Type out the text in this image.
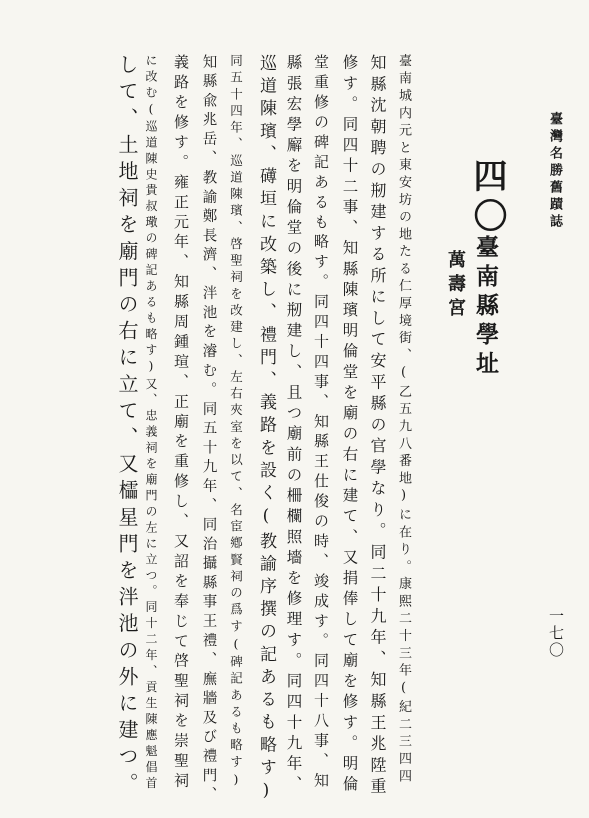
臺灣名勝舊蹟誌
一七〇
四〇
臺南縣學址
萬壽宮
臺南城内元と東安坊の地たる仁厚境街、(乙五九八番地)に在り。康熙二十三年(紀二三四四
知縣沈朝聘の剏建する所にして安平縣の官學なり。同二十九年、知縣王兆陞重
修す。同四十二事、知縣陳璸明倫堂を廟の右に建て、又捐俸して廟を修す。明倫
堂重修の碑記あるも略す。同四十四事、知縣王仕俊の時、竣成す。同四十八事、知
縣張宏學廨を明倫堂の後に剏建し、且つ廟前の柵欄照墻を修理す。同四十九年、
巡道陳璸、礡垣に改築し、禮門、義路を設く(教諭序撰の記あるも略す)
同五十四年、巡道陳璸、啓聖祠を改建し、左右夾室を以て、名宦鄕賢祠の爲す(碑記あるも略す)
知縣兪兆岳、教諭鄭長濟、泮池を濬む。同五十九年、同治攝縣事王禮、廡牆及び禮門、
義路を修す。雍正元年、知縣周鍾瑄、正廟を重修し、又詔を奉じて啓聖祠を崇聖祠
に改む(巡道陳史貴叔璥の碑記あるも略す)又、忠義祠を廟門の左に立つ。同十二年、貢生陳應魁倡首
して、土地祠を廟門の右に立て、又櫺星門を泮池の外に建つ。
